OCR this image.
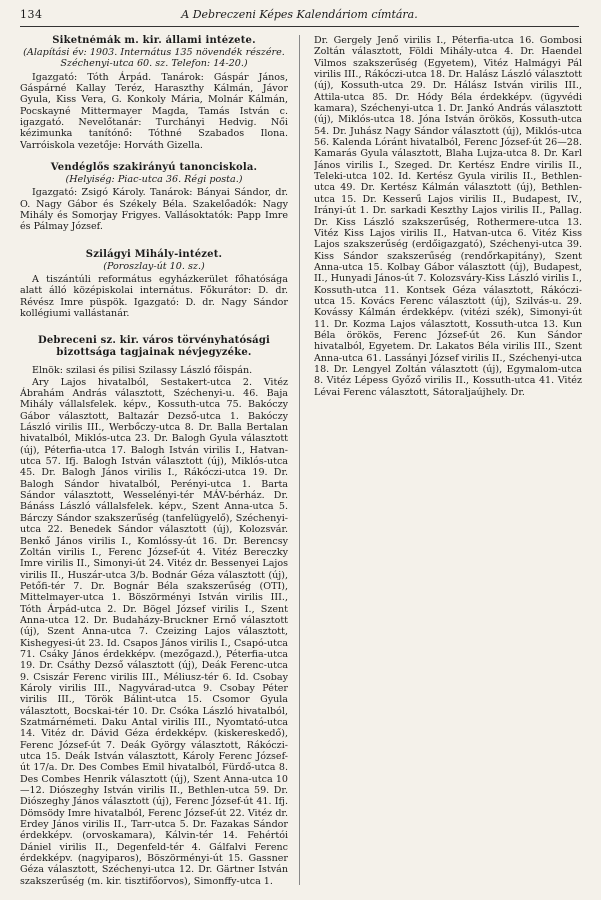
134	A Debreczeni Képes Kalendáriom címtára.
Siketnémák m. kir. állami intézete.
(Alapítási év: 1903. Internátus 135 növendék részére. Széchenyi-utca 60. sz. Telefon: 14-20.)

Igazgató: Tóth Árpád. Tanárok: Gáspár János, Gáspárné Kallay Teréz, Haraszthy Kálmán, Jávor Gyula, Kiss Vera, G. Konkoly Mária, Molnár Kálmán, Pocskayné Mittermayer Magda, Tamás István c. igazgató. Nevelőtanár: Turchányi Hedvig. Női kézimunka tanítónő: Tóthné Szabados Ilona. Varróiskola vezetője: Horváth Gizella.

Vendéglős szakirányú tanonciskola.
(Helyiség: Piac-utca 36. Régi posta.)

Igazgató: Zsigó Károly. Tanárok: Bányai Sándor, dr. O. Nagy Gábor és Székely Béla. Szakelőadók: Nagy Mihály és Somorjay Frigyes. Vallásoktatók: Papp Imre és Pálmay József.

Szilágyi Mihály-intézet.
(Poroszlay-út 10. sz.)

A tiszántúli református egyházkerület főhatósága alatt álló középiskolai internátus. Főkurátor: D. dr. Révész Imre püspök. Igazgató: D. dr. Nagy Sándor kollégiumi vallástanár.

Debreceni sz. kir. város törvényhatósági bizottsága tagjainak névjegyzéke.

Elnök: szilasi és pilisi Szilassy László főispán.

Ary Lajos hivatalból, Sestakert-utca 2. Vitéz Ábrahám András választott, Széchenyi-u. 46. Baja Mihály vállalsfelek. képv., Kossuth-utca 75. Bakóczy Gábor választott, Baltazár Dezső-utca 1. Bakóczy László virilis III., Werbőczy-utca 8. Dr. Balla Bertalan hivatalból, Miklós-utca 23. Dr. Balogh Gyula választott (új), Péterfia-utca 17. Balogh István virilis I., Hatvan-utca 57. Ifj. Balogh István választott (új), Miklós-utca 45. Dr. Balogh János virilis I., Rákóczi-utca 19. Dr. Balogh Sándor hivatalból, Perényi-utca 1. Barta Sándor választott, Wesselényi-tér MÁV-bérház. Dr. Bánáss László vállalsfelek. képv., Szent Anna-utca 5. Bárczy Sándor szakszerűség (tanfelügyelő), Széchenyi-utca 22. Benedek Sándor választott (új), Kolozsvár. Benkő János virilis I., Komlóssy-út 16. Dr. Berencsy Zoltán virilis I., Ferenc József-út 4. Vitéz Bereczky Imre virilis II., Simonyi-út 24. Vitéz dr. Bessenyei Lajos virilis II., Huszár-utca 3/b. Bodnár Géza választott (új), Petőfi-tér 7. Dr. Bognár Béla szakszerűség (OTI), Mittelmayer-utca 1. Böszörményi István virilis III., Tóth Árpád-utca 2. Dr. Bögel József virilis I., Szent Anna-utca 12. Dr. Budaházy-Bruckner Ernő választott (új), Szent Anna-utca 7. Czeizing Lajos választott, Kishegyesi-út 23. Id. Csapos János virilis I., Csapó-utca 71. Csáky János érdekképv. (mezőgazd.), Péterfia-utca 19. Dr. Csáthy Dezső választott (új), Deák Ferenc-utca 9. Csiszár Ferenc virilis III., Méliusz-tér 6. Id. Csobay Károly virilis III., Nagyvárad-utca 9. Csobay Péter virilis III., Török Bálint-utca 15. Csomor Gyula választott, Bocskai-tér 10. Dr. Csóka László hivatalból, Szatmárnémeti. Daku Antal virilis III., Nyomtató-utca 14. Vitéz dr. Dávid Géza érdekképv. (kiskereskedő), Ferenc József-út 7. Deák György választott, Rákóczi-utca 15. Deák István választott, Károly Ferenc József-út 17/a. Dr. Des Combes Emil hivatalból, Fürdő-utca 8. Des Combes Henrik választott (új), Szent Anna-utca 10—12. Diószeghy István virilis II., Bethlen-utca 59. Dr. Diószeghy János választott (új), Ferenc József-út 41. Ifj. Dömsödy Imre hivatalból, Ferenc József-út 22. Vitéz dr. Erdey János virilis II., Tarr-utca 5. Dr. Fazakas Sándor érdekképv. (orvoskamara), Kálvin-tér 14. Fehértói Dániel virilis II., Degenfeld-tér 4. Gálfalvi Ferenc érdekképv. (nagyiparos), Böszörményi-út 15. Gassner Géza választott, Széchenyi-utca 12. Dr. Gärtner István szakszerűség (m. kir. tisztifőorvos), Simonffy-utca 1.

Dr. Gergely Jenő virilis I., Péterfia-utca 16. Gombosi Zoltán választott, Földi Mihály-utca 4. Dr. Haendel Vilmos szakszerűség (Egyetem), Vitéz Halmágyi Pál virilis III., Rákóczi-utca 18. Dr. Halász László választott (új), Kossuth-utca 29. Dr. Hálász István virilis III., Attila-utca 85. Dr. Hódy Béla érdekképv. (ügyvédi kamara), Széchenyi-utca 1. Dr. Jankó András választott (új), Miklós-utca 18. Jóna István örökös, Kossuth-utca 54. Dr. Juhász Nagy Sándor választott (új), Miklós-utca 56. Kalenda Lóránt hivatalból, Ferenc József-út 26—28. Kamarás Gyula választott, Blaha Lujza-utca 8. Dr. Karl János virilis I., Szeged. Dr. Kertész Endre virilis II., Teleki-utca 102. Id. Kertész Gyula virilis II., Bethlen-utca 49. Dr. Kertész Kálmán választott (új), Bethlen-utca 15. Dr. Kesserű Lajos virilis II., Budapest, IV., Irányi-út 1. Dr. sarkadi Keszthy Lajos virilis II., Pallag. Dr. Kiss László szakszerűség, Rothermere-utca 13. Vitéz Kiss Lajos virilis II., Hatvan-utca 6. Vitéz Kiss Lajos szakszerűség (erdőigazgató), Széchenyi-utca 39. Kiss Sándor szakszerűség (rendőrkapitány), Szent Anna-utca 15. Kolbay Gábor választott (új), Budapest, II., Hunyadi János-út 7. Kolozsváry-Kiss László virilis I., Kossuth-utca 11. Kontsek Géza választott, Rákóczi-utca 15. Kovács Ferenc választott (új), Szilvás-u. 29. Kovássy Kálmán érdekképv. (vitézi szék), Simonyi-út 11. Dr. Kozma Lajos választott, Kossuth-utca 13. Kun Béla örökös, Ferenc József-út 26. Kun Sándor hivatalból, Egyetem. Dr. Lakatos Béla virilis III., Szent Anna-utca 61. Lassányi József virilis II., Széchenyi-utca 18. Dr. Lengyel Zoltán választott (új), Egymalom-utca 8. Vitéz Lépess Győző virilis II., Kossuth-utca 41. Vitéz Lévai Ferenc választott, Sátoraljaújhely. Dr.
